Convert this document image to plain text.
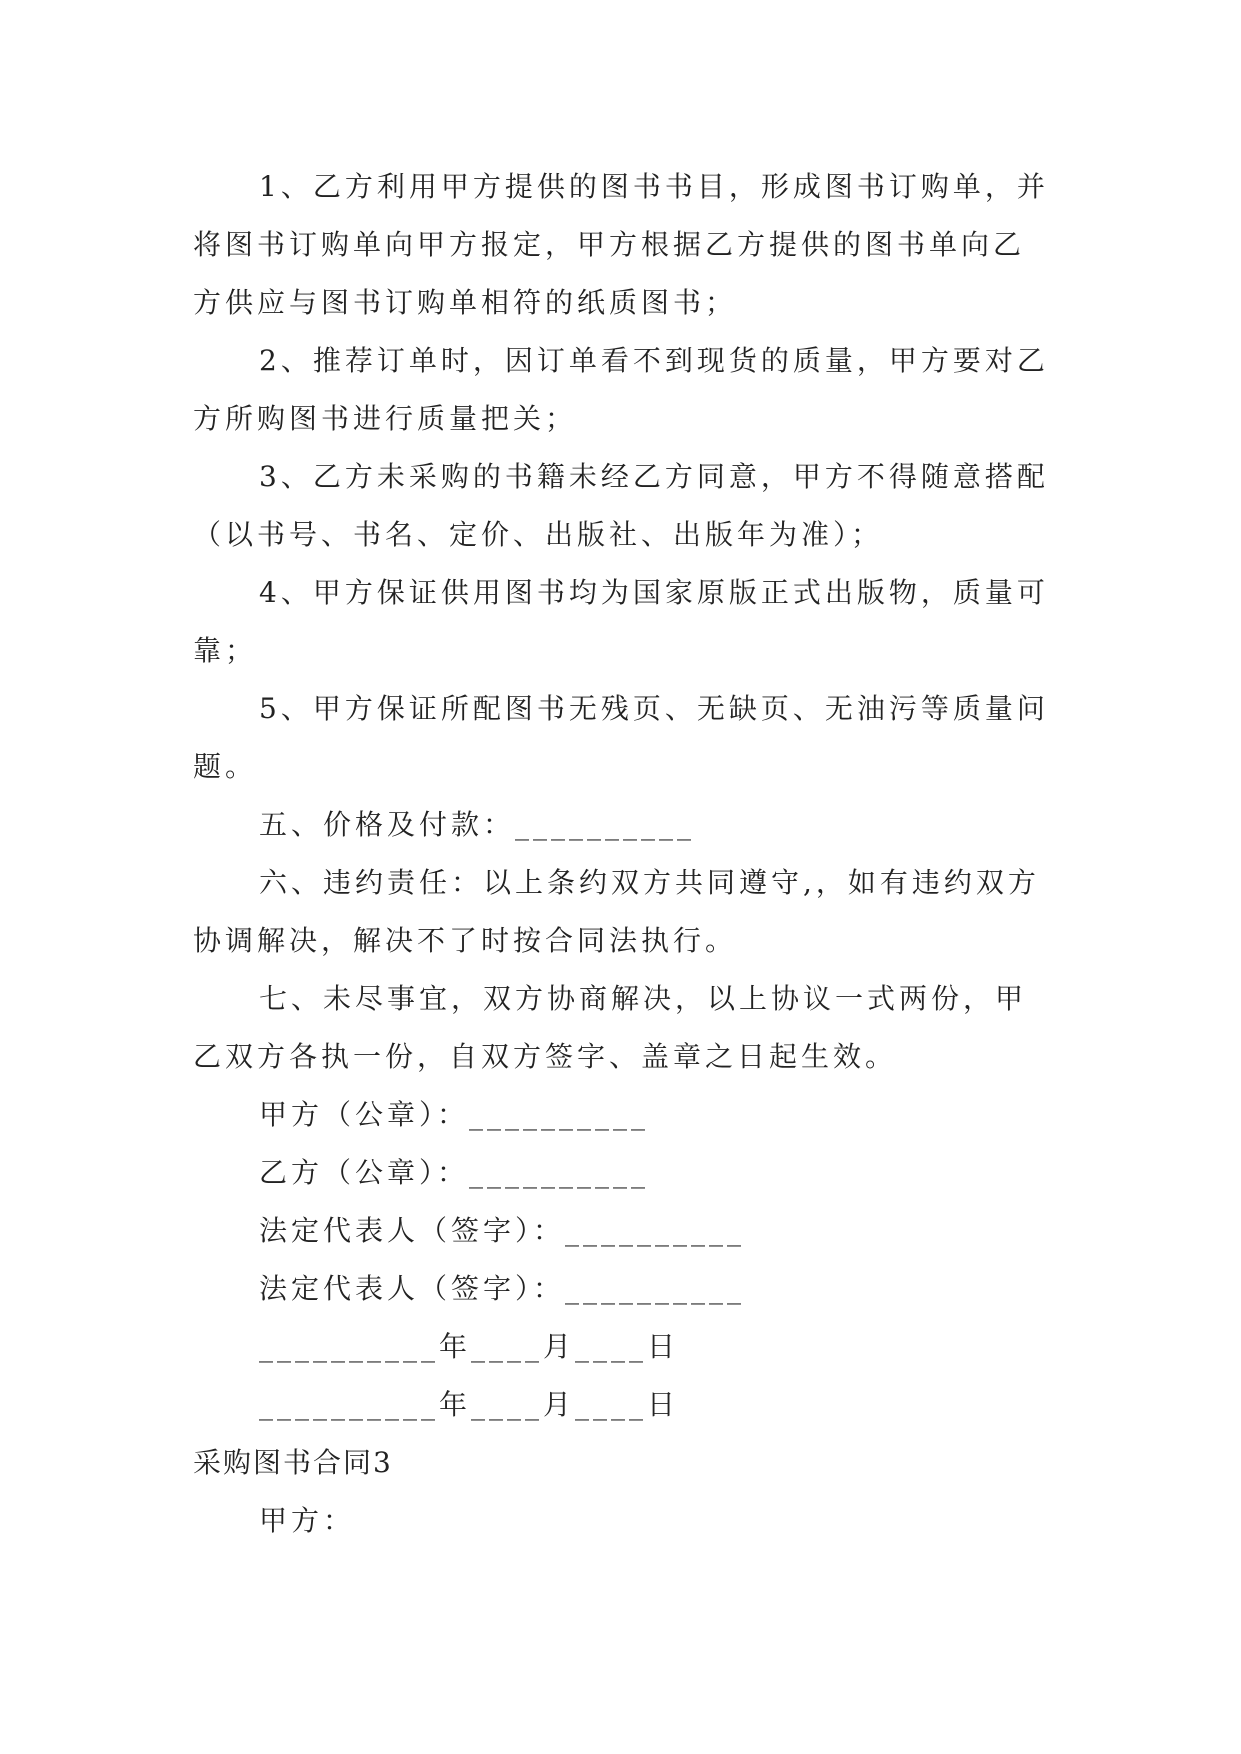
1、乙方利用甲方提供的图书书目，形成图书订购单，并将图书订购单向甲方报定，甲方根据乙方提供的图书单向乙方供应与图书订购单相符的纸质图书；

2、推荐订单时，因订单看不到现货的质量，甲方要对乙方所购图书进行质量把关；

3、乙方未采购的书籍未经乙方同意，甲方不得随意搭配（以书号、书名、定价、出版社、出版年为准）；

4、甲方保证供用图书均为国家原版正式出版物，质量可靠；

5、甲方保证所配图书无残页、无缺页、无油污等质量问题。

五、价格及付款：__________

六、违约责任：以上条约双方共同遵守,，如有违约双方协调解决，解决不了时按合同法执行。

七、未尽事宜，双方协商解决，以上协议一式两份，甲乙双方各执一份，自双方签字、盖章之日起生效。

甲方（公章）：__________

乙方（公章）：__________

法定代表人（签字）：__________

法定代表人（签字）：__________

__________年____月____日

__________年____月____日

采购图书合同3

甲方：
